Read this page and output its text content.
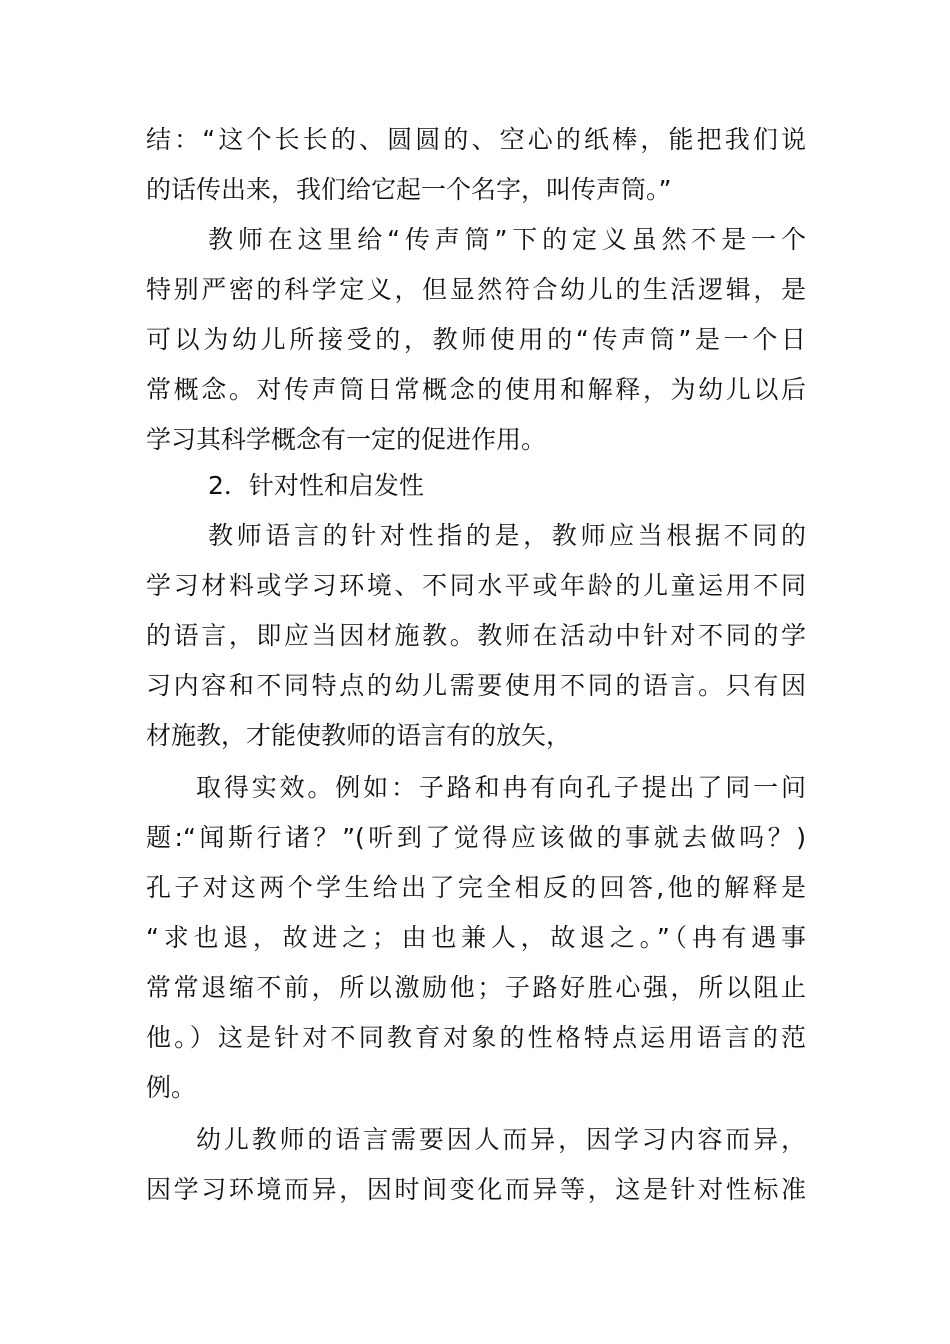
结：“这个长长的、圆圆的、空心的纸棒，能把我们说
的话传出来，我们给它起一个名字，叫传声筒。”
教师在这里给“传声筒”下的定义虽然不是一个
特别严密的科学定义，但显然符合幼儿的生活逻辑，是
可以为幼儿所接受的，教师使用的“传声筒”是一个日
常概念。对传声筒日常概念的使用和解释，为幼儿以后
学习其科学概念有一定的促进作用。
2．针对性和启发性
教师语言的针对性指的是，教师应当根据不同的
学习材料或学习环境、不同水平或年龄的儿童运用不同
的语言，即应当因材施教。教师在活动中针对不同的学
习内容和不同特点的幼儿需要使用不同的语言。只有因
材施教，才能使教师的语言有的放矢，
取得实效。例如：子路和冉有向孔子提出了同一问
题:“闻斯行诸？”(听到了觉得应该做的事就去做吗？)
孔子对这两个学生给出了完全相反的回答,他的解释是
“求也退，故进之；由也兼人，故退之。”（冉有遇事
常常退缩不前，所以激励他；子路好胜心强，所以阻止
他。）这是针对不同教育对象的性格特点运用语言的范
例。
幼儿教师的语言需要因人而异，因学习内容而异，
因学习环境而异，因时间变化而异等，这是针对性标准
